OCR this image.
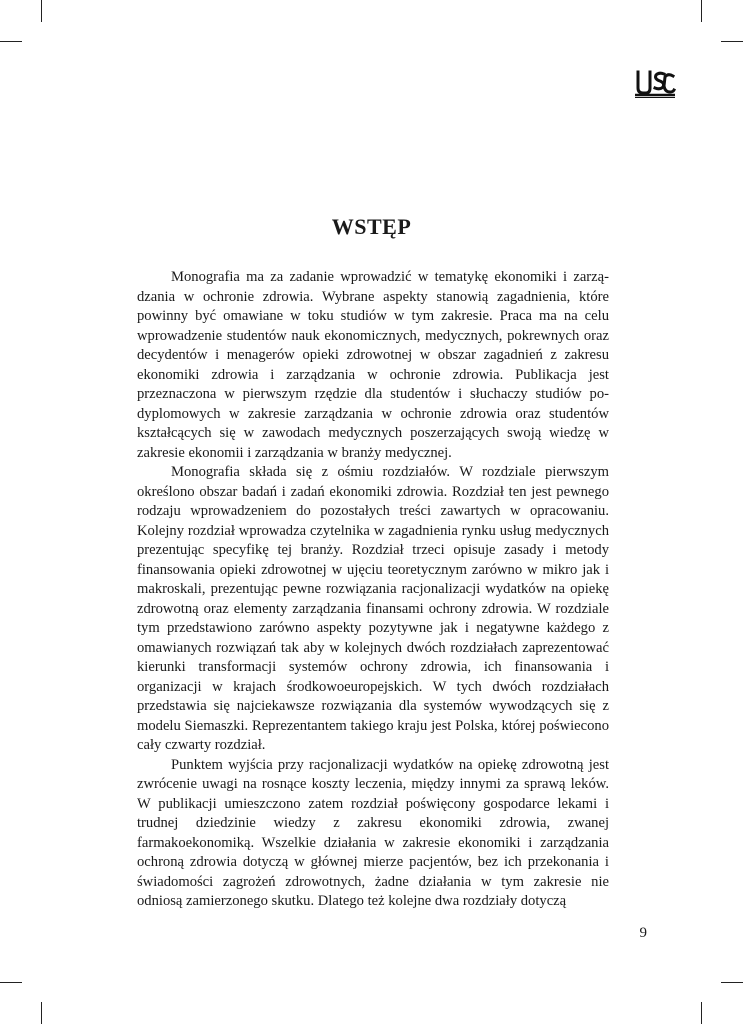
WSTĘP

Monografia ma za zadanie wprowadzić w tematykę ekonomiki i zarządzania w ochronie zdrowia. Wybrane aspekty stanowią zagadnienia, które powinny być omawiane w toku studiów w tym zakresie. Praca ma na celu wprowadzenie studentów nauk ekonomicznych, medycznych, pokrewnych oraz decydentów i menagerów opieki zdrowotnej w obszar zagadnień z zakresu ekonomiki zdrowia i zarządzania w ochronie zdrowia. Publikacja jest przeznaczona w pierwszym rzędzie dla studentów i słuchaczy studiów podyplomowych w zakresie zarządzania w ochronie zdrowia oraz studentów kształcących się w zawodach medycznych poszerzających swoją wiedzę w zakresie ekonomii i zarządzania w branży medycznej.

Monografia składa się z ośmiu rozdziałów. W rozdziale pierwszym określono obszar badań i zadań ekonomiki zdrowia. Rozdział ten jest pewnego rodzaju wprowadzeniem do pozostałych treści zawartych w opracowaniu. Kolejny rozdział wprowadza czytelnika w zagadnienia rynku usług medycznych prezentując specyfikę tej branży. Rozdział trzeci opisuje zasady i metody finansowania opieki zdrowotnej w ujęciu teoretycznym zarówno w mikro jak i makroskali, prezentując pewne rozwiązania racjonalizacji wydatków na opiekę zdrowotną oraz elementy zarządzania finansami ochrony zdrowia. W rozdziale tym przedstawiono zarówno aspekty pozytywne jak i negatywne każdego z omawianych rozwiązań tak aby w kolejnych dwóch rozdziałach zaprezentować kierunki transformacji systemów ochrony zdrowia, ich finansowania i organizacji w krajach środkowoeuropejskich. W tych dwóch rozdziałach przedstawia się najciekawsze rozwiązania dla systemów wywodzących się z modelu Siemaszki. Reprezentantem takiego kraju jest Polska, której poświecono cały czwarty rozdział.

Punktem wyjścia przy racjonalizacji wydatków na opiekę zdrowotną jest zwrócenie uwagi na rosnące koszty leczenia, między innymi za sprawą leków. W publikacji umieszczono zatem rozdział poświęcony gospodarce lekami i trudnej dziedzinie wiedzy z zakresu ekonomiki zdrowia, zwanej farmakoekonomiką. Wszelkie działania w zakresie ekonomiki i zarządzania ochroną zdrowia dotyczą w głównej mierze pacjentów, bez ich przekonania i świadomości zagrożeń zdrowotnych, żadne działania w tym zakresie nie odniosą zamierzonego skutku. Dlatego też kolejne dwa rozdziały dotyczą

9
